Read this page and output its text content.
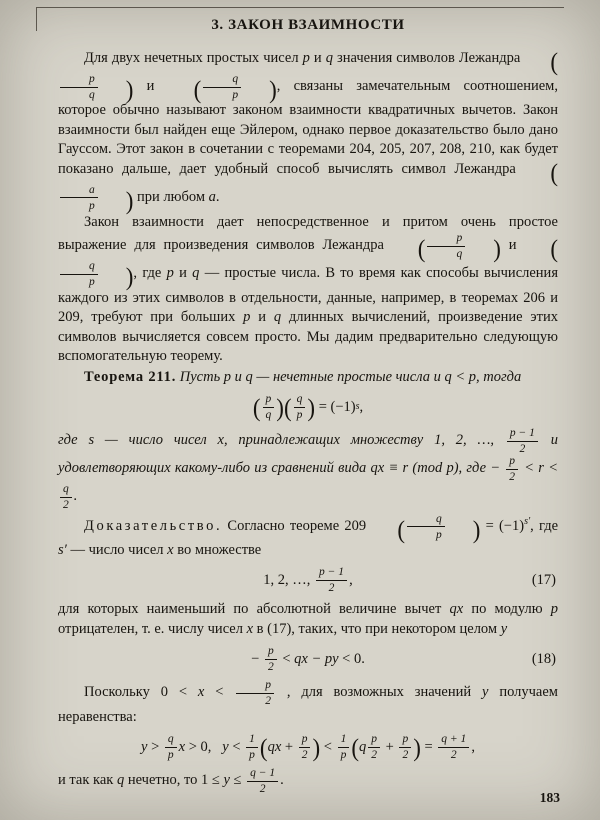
3. ЗАКОН ВЗАИМНОСТИ

Для двух нечетных простых чисел p и q значения символов Лежандра (
$\frac{p}{q}$ ) и ( $\frac{q}{p}$ ), связаны замечательным соотношением, которое обычно называют законом взаимности квадратичных вычетов. Закон взаимности был найден еще Эйлером, однако первое доказательство было дано Гауссом. Этот закон в сочетании с теоремами 204, 205, 207, 208, 210, как будет показано дальше, дает удобный способ вычислять символ Лежандра (
$\frac{a}{p}$ ) при любом a.

Закон взаимности дает непосредственное и притом очень простое выражение для произведения символов Лежандра ( $\frac{p}{q}$ ) и (
$\frac{q}{p}$ ), где p и q — простые числа. В то время как способы вычисления каждого из этих символов в отдельности, данные, например, в теоремах 206 и 209, требуют при больших p и q длинных вычислений, произведение этих символов вычисляется совсем просто. Мы дадим предварительно следующую вспомогательную теорему.

Теорема 211. Пусть p и q — нечетные простые числа и q < p, тогда

( $\frac{p}{q}$ ) ( $\frac{q}{p}$ ) = (−1) s ,

где s — число чисел x, принадлежащих множеству 1, 2, …, $\frac{p - 1}{2}$ и удовлетворяющих какому-либо из сравнений вида qx ≡ r (mod p), где − $\frac{p}{2} < r$ <
$\frac{q}{2}$ .

Доказательство. Согласно теореме 209 ( $\frac{q}{p}$ ) = $(-1)^{s'}$, где s′ — число чисел x во множестве

1, 2, …, $\frac{p - 1}{2}$ ,	(17)

для которых наименьший по абсолютной величине вычет qx по модулю p отрицателен, т. е. числу чисел x в (17), таких, что при некотором целом y

− $\frac{p}{2}$ < qx − py < 0.	(18)

Поскольку $0 < x < \frac{p}{2}$ , для возможных значений y получаем неравенства:

$y > \frac{q}{p}$ x > 0, $y < \frac{1}{p}$ ( qx + $\frac{p}{2}$ ) < $\frac{1}{p}$ ( q $\frac{p}{2} + \frac{p}{2}$ ) = $\frac{q + 1}{2}$ ,

и так как q нечетно, то $1 \le y \le \frac{q - 1}{2}$ .

183
